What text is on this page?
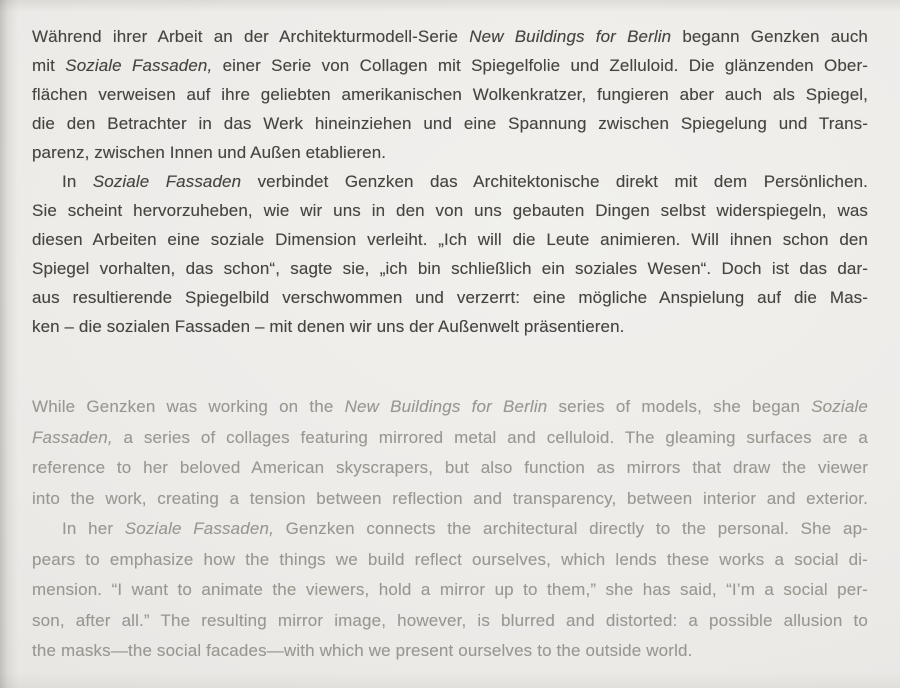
Während ihrer Arbeit an der Architekturmodell-Serie New Buildings for Berlin begann Genzken auch
mit Soziale Fassaden, einer Serie von Collagen mit Spiegelfolie und Zelluloid. Die glänzenden Ober-
flächen verweisen auf ihre geliebten amerikanischen Wolkenkratzer, fungieren aber auch als Spiegel,
die den Betrachter in das Werk hineinziehen und eine Spannung zwischen Spiegelung und Trans-
parenz, zwischen Innen und Außen etablieren.
In Soziale Fassaden verbindet Genzken das Architektonische direkt mit dem Persönlichen.
Sie scheint hervorzuheben, wie wir uns in den von uns gebauten Dingen selbst widerspiegeln, was
diesen Arbeiten eine soziale Dimension verleiht. „Ich will die Leute animieren. Will ihnen schon den
Spiegel vorhalten, das schon“, sagte sie, „ich bin schließlich ein soziales Wesen“. Doch ist das dar-
aus resultierende Spiegelbild verschwommen und verzerrt: eine mögliche Anspielung auf die Mas-
ken – die sozialen Fassaden – mit denen wir uns der Außenwelt präsentieren.
While Genzken was working on the New Buildings for Berlin series of models, she began Soziale
Fassaden, a series of collages featuring mirrored metal and celluloid. The gleaming surfaces are a
reference to her beloved American skyscrapers, but also function as mirrors that draw the viewer
into the work, creating a tension between reflection and transparency, between interior and exterior.
In her Soziale Fassaden, Genzken connects the architectural directly to the personal. She ap-
pears to emphasize how the things we build reflect ourselves, which lends these works a social di-
mension. “I want to animate the viewers, hold a mirror up to them,” she has said, “I’m a social per-
son, after all.” The resulting mirror image, however, is blurred and distorted: a possible allusion to
the masks—the social facades—with which we present ourselves to the outside world.
